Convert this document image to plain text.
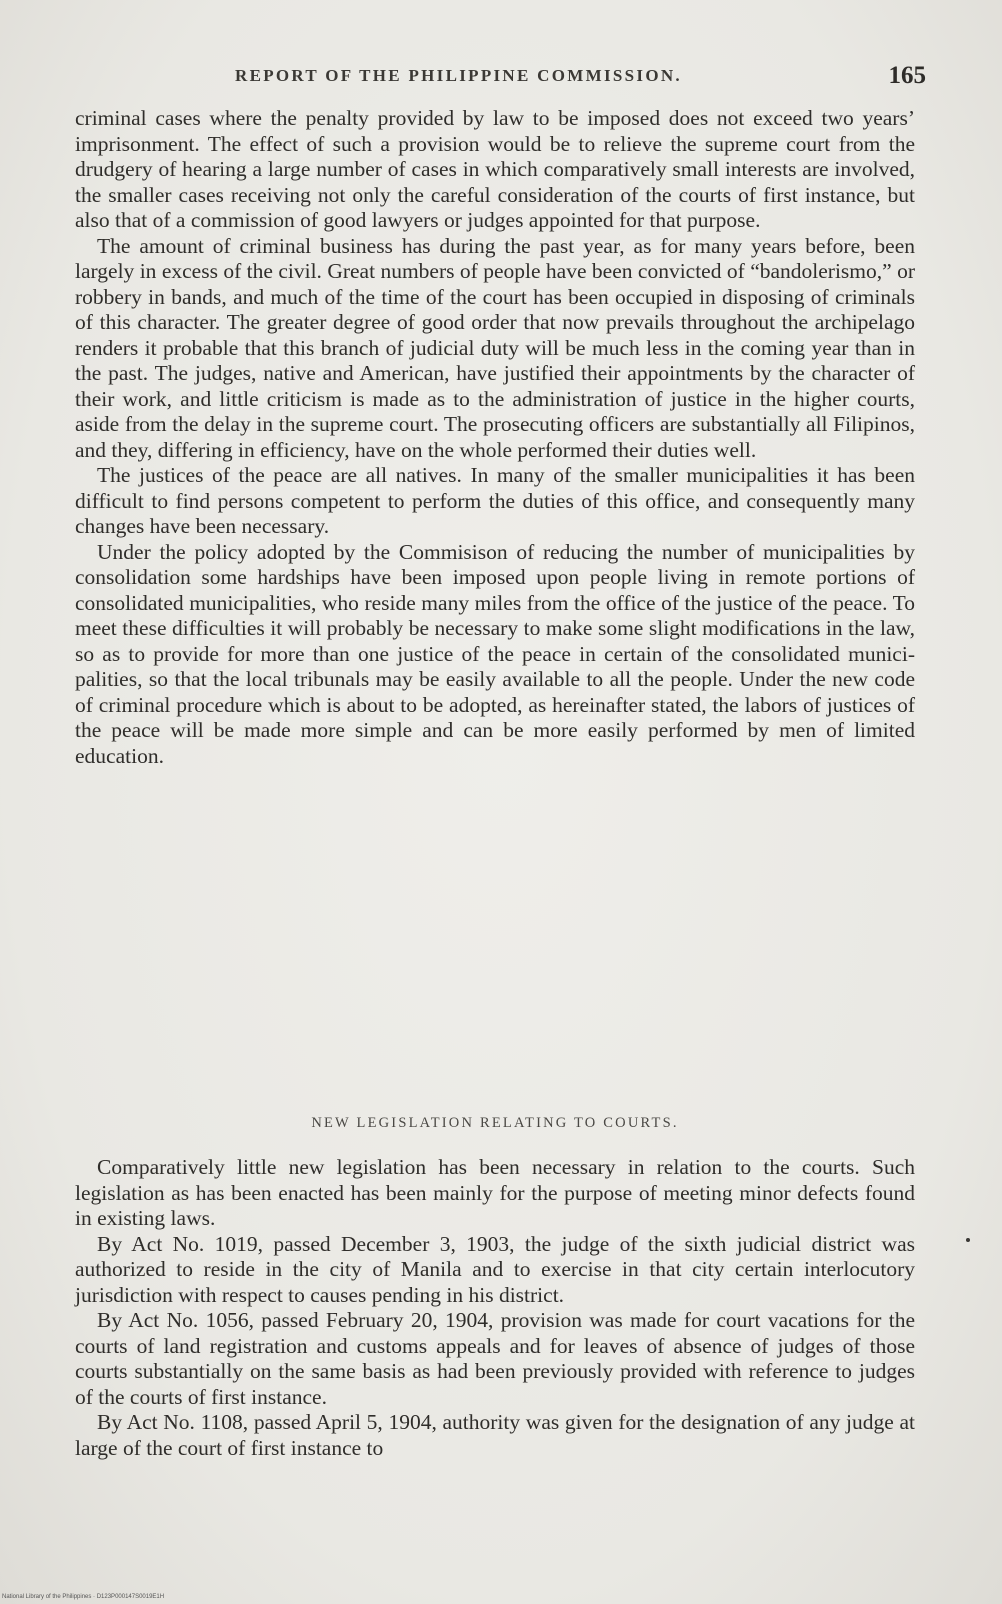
REPORT OF THE PHILIPPINE COMMISSION.	165

criminal cases where the penalty provided by law to be imposed does not exceed two years’ imprisonment. The effect of such a provision would be to relieve the supreme court from the drudgery of hearing a large number of cases in which comparatively small interests are involved, the smaller cases receiving not only the careful consideration of the courts of first instance, but also that of a commission of good lawyers or judges appointed for that purpose.

The amount of criminal business has during the past year, as for many years before, been largely in excess of the civil. Great numbers of people have been convicted of “bandolerismo,” or robbery in bands, and much of the time of the court has been occupied in disposing of criminals of this character. The greater degree of good order that now prevails throughout the archipelago renders it probable that this branch of judicial duty will be much less in the coming year than in the past. The judges, native and American, have justified their appointments by the character of their work, and little criticism is made as to the administration of justice in the higher courts, aside from the delay in the supreme court. The prosecuting officers are substantially all Filipinos, and they, differing in efficiency, have on the whole performed their duties well.

The justices of the peace are all natives. In many of the smaller municipalities it has been difficult to find persons competent to perform the duties of this office, and consequently many changes have been necessary.

Under the policy adopted by the Commisison of reducing the number of municipalities by consolidation some hardships have been imposed upon people living in remote portions of consolidated municipalities, who reside many miles from the office of the justice of the peace. To meet these difficulties it will probably be necessary to make some slight modifications in the law, so as to provide for more than one justice of the peace in certain of the consolidated municipalities, so that the local tribunals may be easily available to all the people. Under the new code of criminal procedure which is about to be adopted, as hereinafter stated, the labors of justices of the peace will be made more simple and can be more easily performed by men of limited education.

NEW LEGISLATION RELATING TO COURTS.

Comparatively little new legislation has been necessary in relation to the courts. Such legislation as has been enacted has been mainly for the purpose of meeting minor defects found in existing laws.

By Act No. 1019, passed December 3, 1903, the judge of the sixth judicial district was authorized to reside in the city of Manila and to exercise in that city certain interlocutory jurisdiction with respect to causes pending in his district.

By Act No. 1056, passed February 20, 1904, provision was made for court vacations for the courts of land registration and customs appeals and for leaves of absence of judges of those courts substantially on the same basis as had been previously provided with reference to judges of the courts of first instance.

By Act No. 1108, passed April 5, 1904, authority was given for the designation of any judge at large of the court of first instance to

National Library of the Philippines · D123P000147S0019E1H
